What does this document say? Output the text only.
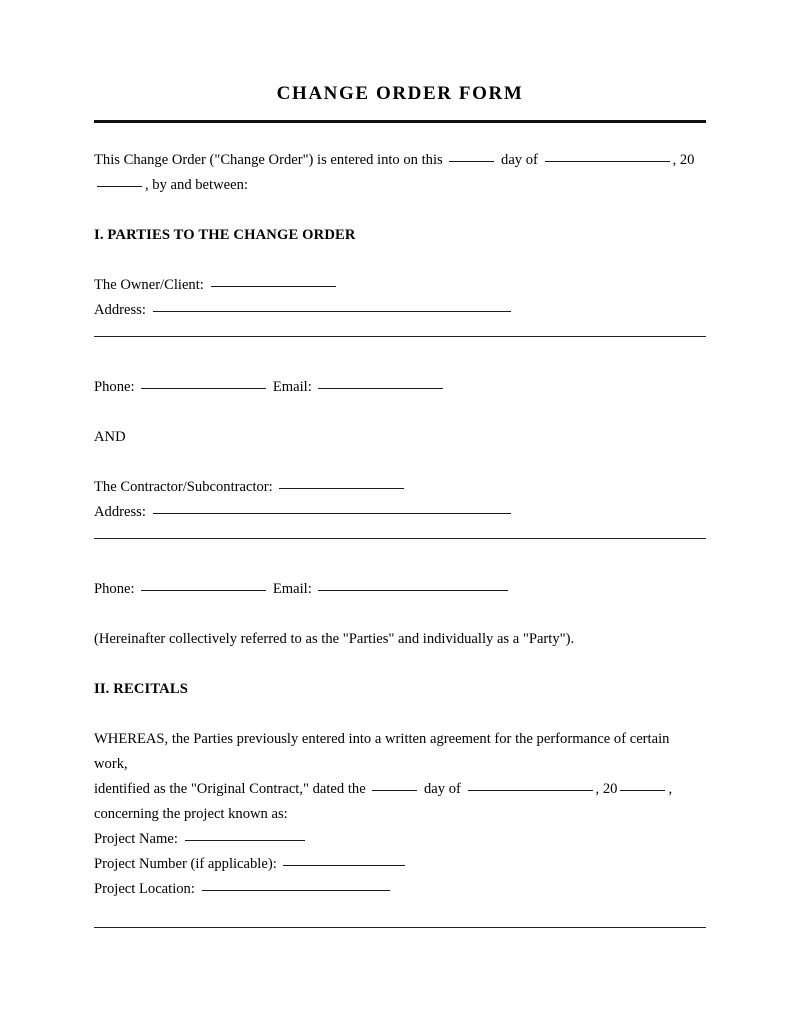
CHANGE ORDER FORM
This Change Order ("Change Order") is entered into on this	day of	, 20
, by and between:
I. PARTIES TO THE CHANGE ORDER
The Owner/Client:
Address:
Phone:	Email:
AND
The Contractor/Subcontractor:
Address:
Phone:	Email:
(Hereinafter collectively referred to as the "Parties" and individually as a "Party").
II. RECITALS
WHEREAS, the Parties previously entered into a written agreement for the performance of certain work,
identified as the "Original Contract," dated the	day of	, 20	,
concerning the project known as:
Project Name:
Project Number (if applicable):
Project Location:
